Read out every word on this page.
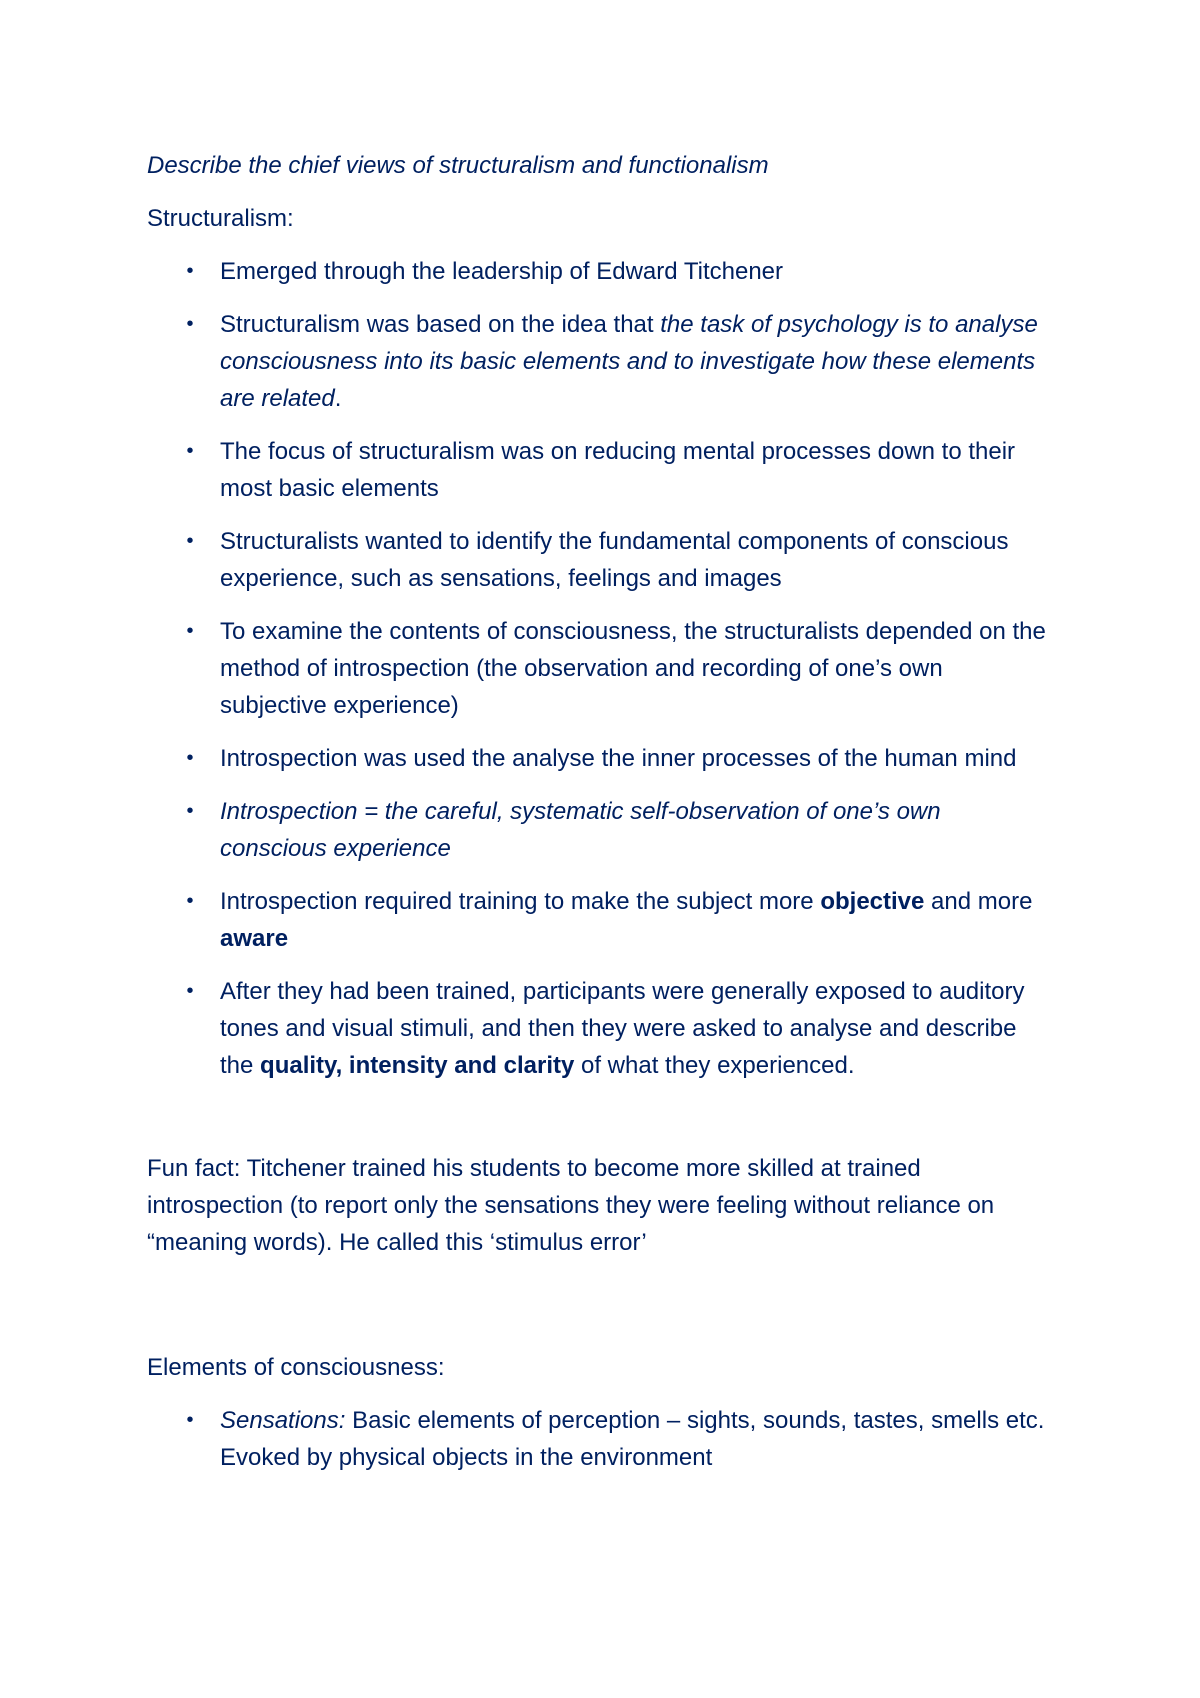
Describe the chief views of structuralism and functionalism

Structuralism:

• Emerged through the leadership of Edward Titchener
• Structuralism was based on the idea that the task of psychology is to analyse consciousness into its basic elements and to investigate how these elements are related.
• The focus of structuralism was on reducing mental processes down to their most basic elements
• Structuralists wanted to identify the fundamental components of conscious experience, such as sensations, feelings and images
• To examine the contents of consciousness, the structuralists depended on the method of introspection (the observation and recording of one’s own subjective experience)
• Introspection was used the analyse the inner processes of the human mind
• Introspection = the careful, systematic self-observation of one’s own conscious experience
• Introspection required training to make the subject more objective and more aware
• After they had been trained, participants were generally exposed to auditory tones and visual stimuli, and then they were asked to analyse and describe the quality, intensity and clarity of what they experienced.

Fun fact: Titchener trained his students to become more skilled at trained introspection (to report only the sensations they were feeling without reliance on “meaning words). He called this ‘stimulus error’

Elements of consciousness:

• Sensations: Basic elements of perception – sights, sounds, tastes, smells etc. Evoked by physical objects in the environment
